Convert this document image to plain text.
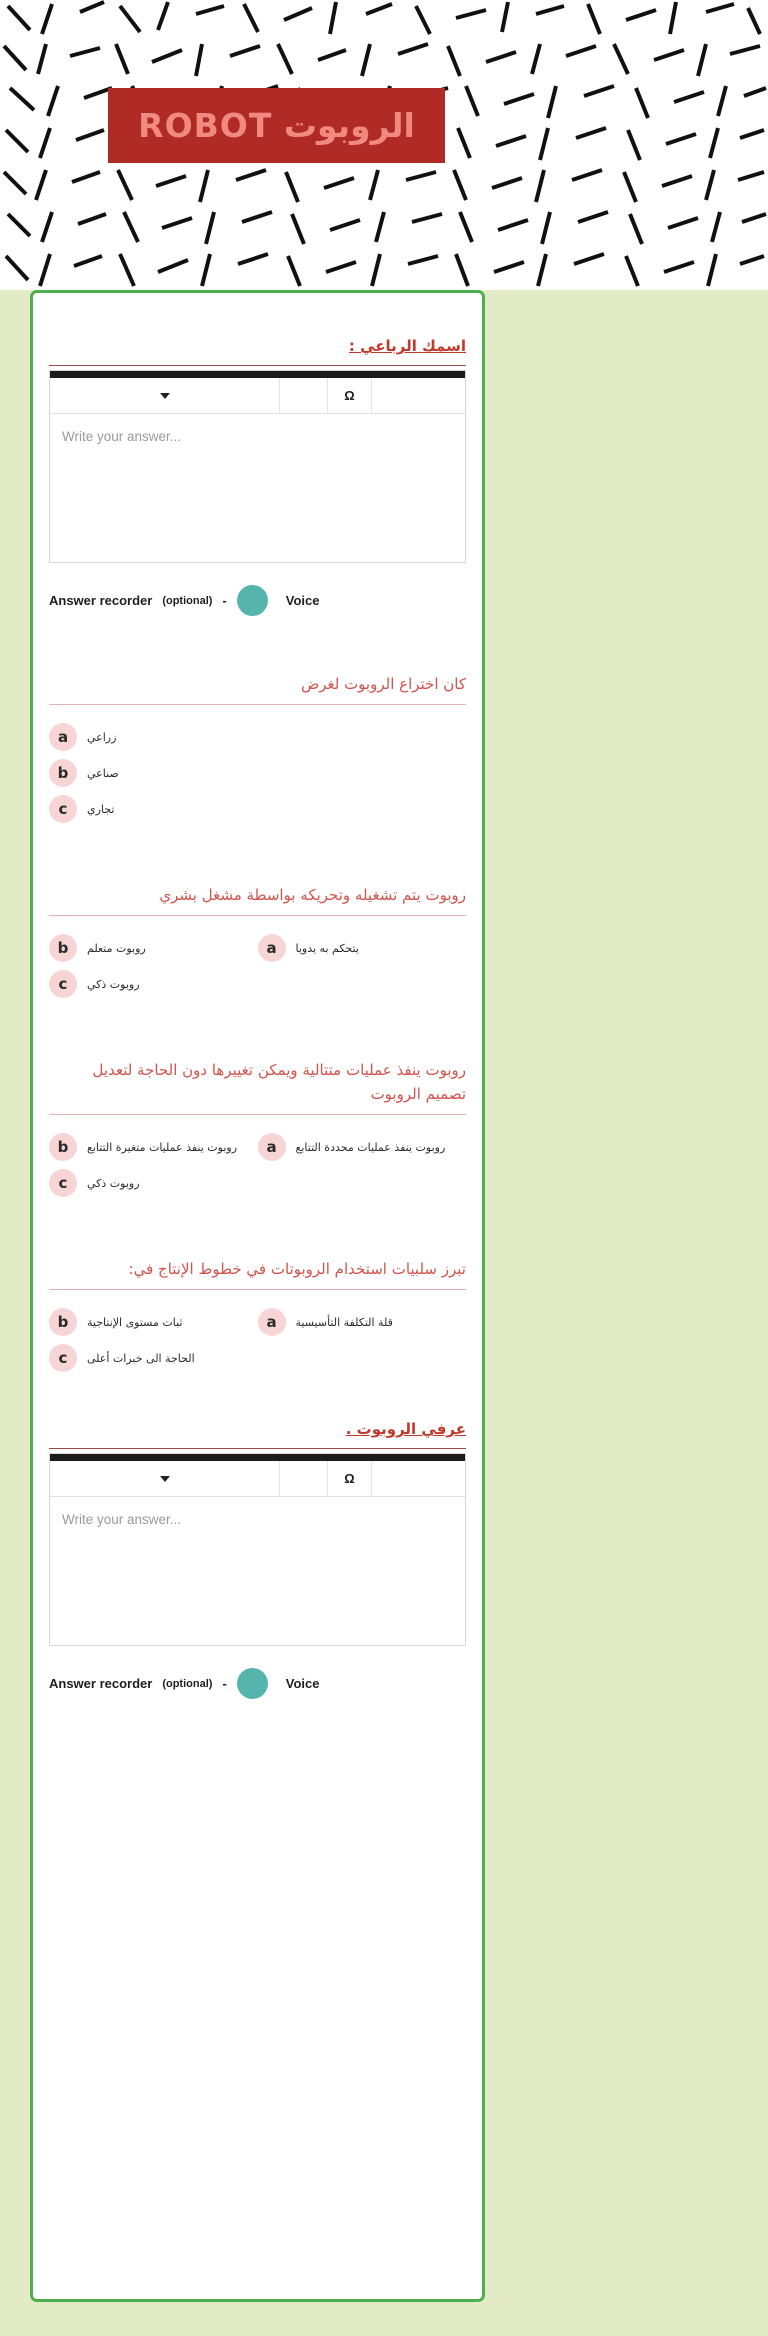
الروبوت ROBOT
اسمك الرباعي :
Ω
Write your answer...
Answer recorder (optional) -	Voice
كان اختراع الروبوت لغرض
a	زراعي
b	صناعي
c	تجاري
روبوت يتم تشغيله وتحريكه بواسطة مشغل بشري
b	روبوت متعلم	a	يتحكم به يدويا
c	روبوت ذكي
روبوت ينفذ عمليات متتالية ويمكن تغييرها دون الحاجة لتعديل تصميم الروبوت
b	روبوت ينفذ عمليات متغيرة التتابع	a	روبوت ينفذ عمليات محددة التتابع
c	روبوت ذكي
تبرز سلبيات استخدام الروبوتات في خطوط الإنتاج في:
b	ثبات مستوى الإنتاجية	a	قلة التكلفة التأسيسية
c	الحاجة الى خبرات أعلى
عرفي الروبوت .
Ω
Write your answer...
Answer recorder (optional) -	Voice
